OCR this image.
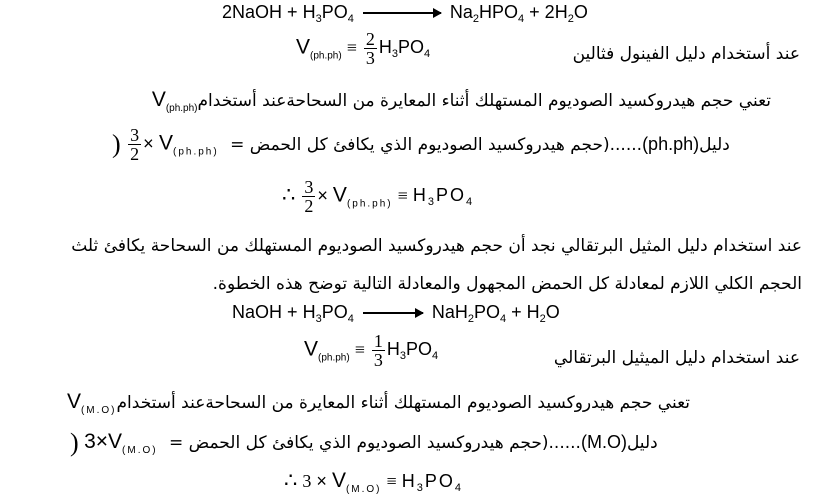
2NaOH + $H_3PO_4$	$Na_2HPO_4 + 2H_2O$
$V_{(ph.ph)} \equiv \frac{2}{3} H_3PO_4$	عند أستخدام دليل الفينول فثالين
تعني حجم هيدروكسيد الصوديوم المستهلك أثناء المعايرة من السحاحةعند أستخدامV$_{(ph.ph)}$
) $\frac{3}{2} \times V_{(ph.ph)}$	دليل(ph.ph)......(حجم هيدروكسيد الصوديوم الذي يكافئ كل الحمض =
∴ $\frac{3}{2} \times V_{(ph.ph)} \equiv H_3PO_4$
عند استخدام دليل المثيل البرتقالي نجد أن حجم هيدروكسيد الصوديوم المستهلك من السحاحة يكافئ ثلث
الحجم الكلي اللازم لمعادلة كل الحمض المجهول والمعادلة التالية توضح هذه الخطوة.
NaOH + $H_3PO_4 \to NaH_2PO_4 + H_2O$
$V_{(ph.ph)} \equiv \frac{1}{3} H_3PO_4$	عند استخدام دليل الميثيل البرتقالي
تعني حجم هيدروكسيد الصوديوم المستهلك أثناء المعايرة من السحاحةعند أستخدامV$_{(M.O)}$
) $3\times V_{(M.O)}$	دليل(M.O)......(حجم هيدروكسيد الصوديوم الذي يكافئ كل الحمض =
∴ $3 \times V_{(M.O)} \equiv H_3PO_4$
